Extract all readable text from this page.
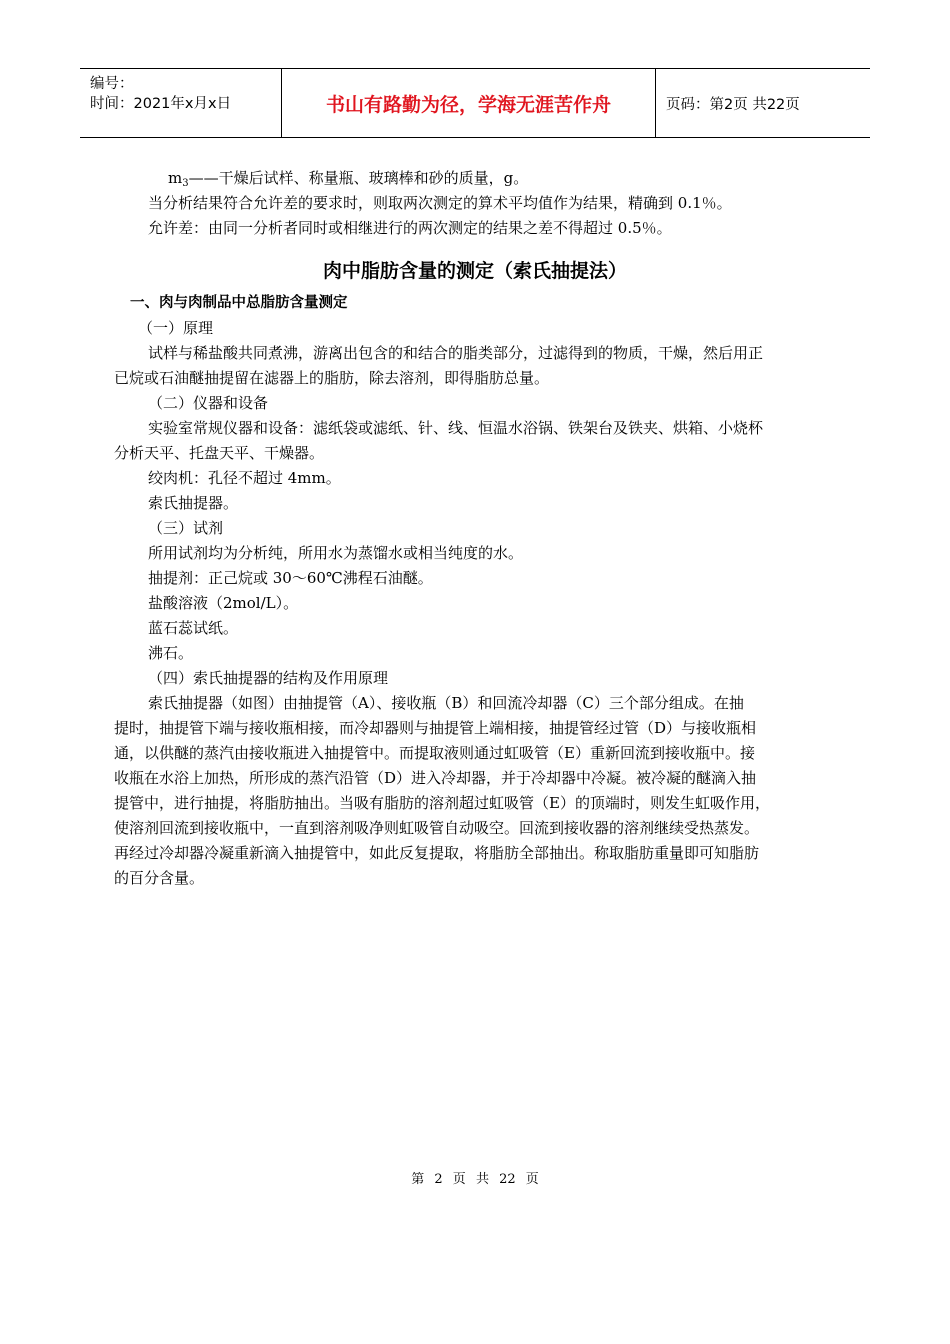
编号：
时间：2021年x月x日	书山有路勤为径，学海无涯苦作舟	页码：第2页 共22页
$m_3——$干燥后试样、称量瓶、玻璃棒和砂的质量，g。
当分析结果符合允许差的要求时，则取两次测定的算术平均值作为结果，精确到 0.1％。
允许差：由同一分析者同时或相继进行的两次测定的结果之差不得超过 0.5％。
肉中脂肪含量的测定（索氏抽提法）
一、肉与肉制品中总脂肪含量测定
（一）原理
试样与稀盐酸共同煮沸，游离出包含的和结合的脂类部分，过滤得到的物质，干燥，然后用正
已烷或石油醚抽提留在滤器上的脂肪，除去溶剂，即得脂肪总量。
（二）仪器和设备
实验室常规仪器和设备：滤纸袋或滤纸、针、线、恒温水浴锅、铁架台及铁夹、烘箱、小烧杯
分析天平、托盘天平、干燥器。
绞肉机：孔径不超过 4mm。
索氏抽提器。
（三）试剂
所用试剂均为分析纯，所用水为蒸馏水或相当纯度的水。
抽提剂：正己烷或 30～60℃沸程石油醚。
盐酸溶液（2mol/L）。
蓝石蕊试纸。
沸石。
（四）索氏抽提器的结构及作用原理
索氏抽提器（如图）由抽提管（A）、接收瓶（B）和回流冷却器（C）三个部分组成。在抽
提时，抽提管下端与接收瓶相接，而冷却器则与抽提管上端相接，抽提管经过管（D）与接收瓶相
通，以供醚的蒸汽由接收瓶进入抽提管中。而提取液则通过虹吸管（E）重新回流到接收瓶中。接
收瓶在水浴上加热，所形成的蒸汽沿管（D）进入冷却器，并于冷却器中冷凝。被冷凝的醚滴入抽
提管中，进行抽提，将脂肪抽出。当吸有脂肪的溶剂超过虹吸管（E）的顶端时，则发生虹吸作用，
使溶剂回流到接收瓶中，一直到溶剂吸净则虹吸管自动吸空。回流到接收器的溶剂继续受热蒸发。
再经过冷却器冷凝重新滴入抽提管中，如此反复提取，将脂肪全部抽出。称取脂肪重量即可知脂肪
的百分含量。
第 2 页 共 22 页
